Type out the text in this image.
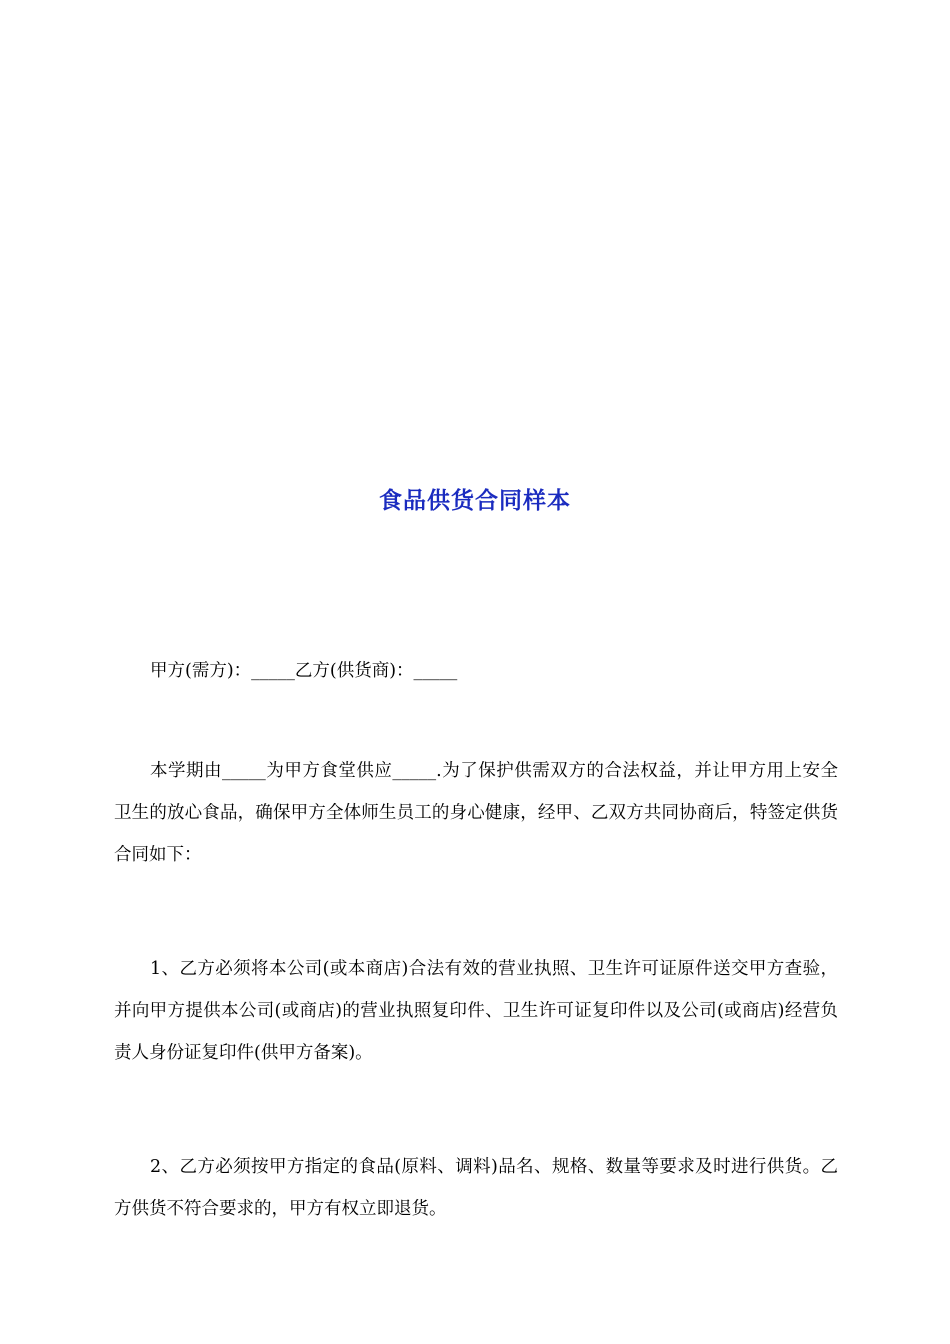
食品供货合同样本

甲方(需方)：_____乙方(供货商)：_____

本学期由_____为甲方食堂供应_____.为了保护供需双方的合法权益，并让甲方用上安全卫生的放心食品，确保甲方全体师生员工的身心健康，经甲、乙双方共同协商后，特签定供货合同如下：

1、乙方必须将本公司(或本商店)合法有效的营业执照、卫生许可证原件送交甲方查验，并向甲方提供本公司(或商店)的营业执照复印件、卫生许可证复印件以及公司(或商店)经营负责人身份证复印件(供甲方备案)。

2、乙方必须按甲方指定的食品(原料、调料)品名、规格、数量等要求及时进行供货。乙方供货不符合要求的，甲方有权立即退货。
